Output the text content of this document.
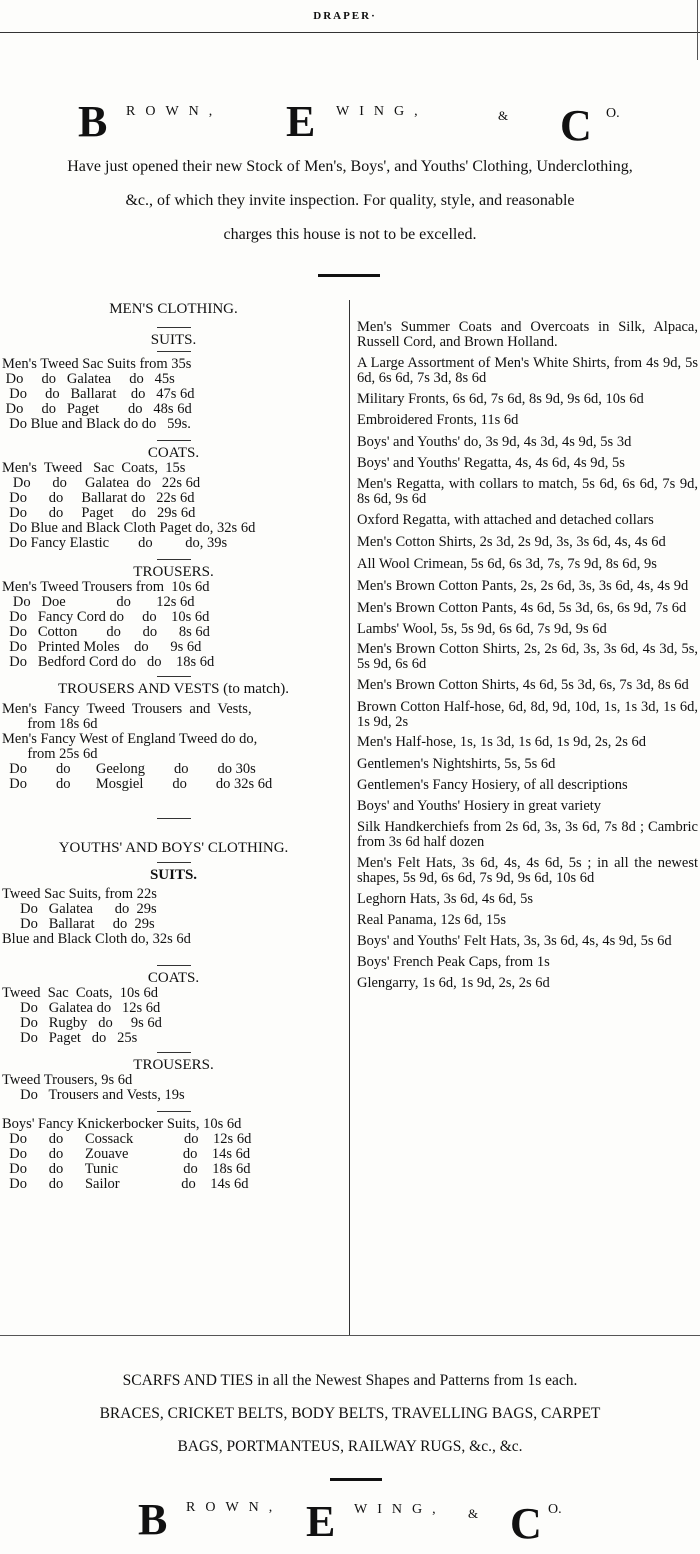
DRAPER·
B ROWN, E WING,	& C O.

Have just opened their new Stock of Men's, Boys', and Youths' Clothing, Underclothing,

&c., of which they invite inspection. For quality, style, and reasonable

charges this house is not to be excelled.

MEN'S CLOTHING.

SUITS.

Men's Tweed Sac Suits from 35s

Do     do   Galatea     do   45s

Do     do   Ballarat    do   47s 6d

Do     do   Paget        do   48s 6d

Do Blue and Black do do   59s.

COATS.

Men's  Tweed   Sac  Coats,  15s

Do      do     Galatea  do   22s 6d

Do      do     Ballarat do   22s 6d

Do      do     Paget     do   29s 6d

Do Blue and Black Cloth Paget do, 32s 6d

Do Fancy Elastic        do         do, 39s

TROUSERS.

Men's Tweed Trousers from  10s 6d

Do   Doe              do       12s 6d

Do   Fancy Cord do     do    10s 6d

Do   Cotton        do      do      8s 6d

Do   Printed Moles    do      9s 6d

Do   Bedford Cord do   do    18s 6d

TROUSERS AND VESTS (to match).

Men's  Fancy  Tweed  Trousers  and  Vests,

from 18s 6d

Men's Fancy West of England Tweed do do,

from 25s 6d

Do        do       Geelong        do        do 30s

Do        do       Mosgiel        do        do 32s 6d

YOUTHS' AND BOYS' CLOTHING.

SUITS.

Tweed Sac Suits, from 22s

Do   Galatea      do  29s

Do   Ballarat     do  29s

Blue and Black Cloth do, 32s 6d

COATS.

Tweed  Sac  Coats,  10s 6d

Do   Galatea do   12s 6d

Do   Rugby   do     9s 6d

Do   Paget   do   25s

TROUSERS.

Tweed Trousers, 9s 6d

Do   Trousers and Vests, 19s

Boys' Fancy Knickerbocker Suits, 10s 6d

Do      do      Cossack              do    12s 6d

Do      do      Zouave               do    14s 6d

Do      do      Tunic                  do    18s 6d

Do      do      Sailor                 do    14s 6d

Men's Summer Coats and Overcoats in Silk, Alpaca, Russell Cord, and Brown Holland.

A Large Assortment of Men's White Shirts, from 4s 9d, 5s 6d, 6s 6d, 7s 3d, 8s 6d

Military Fronts, 6s 6d, 7s 6d, 8s 9d, 9s 6d, 10s 6d

Embroidered Fronts, 11s 6d

Boys' and Youths' do, 3s 9d, 4s 3d, 4s 9d, 5s 3d

Boys' and Youths' Regatta, 4s, 4s 6d, 4s 9d, 5s

Men's Regatta, with collars to match, 5s 6d, 6s 6d, 7s 9d, 8s 6d, 9s 6d

Oxford Regatta, with attached and detached collars

Men's Cotton Shirts, 2s 3d, 2s 9d, 3s, 3s 6d, 4s, 4s 6d

All Wool Crimean, 5s 6d, 6s 3d, 7s, 7s 9d, 8s 6d, 9s

Men's Brown Cotton Pants, 2s, 2s 6d, 3s, 3s 6d, 4s, 4s 9d

Men's Brown Cotton Pants, 4s 6d, 5s 3d, 6s, 6s 9d, 7s 6d

Lambs' Wool, 5s, 5s 9d, 6s 6d, 7s 9d, 9s 6d

Men's Brown Cotton Shirts, 2s, 2s 6d, 3s, 3s 6d, 4s 3d, 5s, 5s 9d, 6s 6d

Men's Brown Cotton Shirts, 4s 6d, 5s 3d, 6s, 7s 3d, 8s 6d

Brown Cotton Half-hose, 6d, 8d, 9d, 10d, 1s, 1s 3d, 1s 6d, 1s 9d, 2s

Men's Half-hose, 1s, 1s 3d, 1s 6d, 1s 9d, 2s, 2s 6d

Gentlemen's Nightshirts, 5s, 5s 6d

Gentlemen's Fancy Hosiery, of all descriptions

Boys' and Youths' Hosiery in great variety

Silk Handkerchiefs from 2s 6d, 3s, 3s 6d, 7s 8d ; Cambric from 3s 6d half dozen

Men's Felt Hats, 3s 6d, 4s, 4s 6d, 5s ; in all the newest shapes, 5s 9d, 6s 6d, 7s 9d, 9s 6d, 10s 6d

Leghorn Hats, 3s 6d, 4s 6d, 5s

Real Panama, 12s 6d, 15s

Boys' and Youths' Felt Hats, 3s, 3s 6d, 4s, 4s 9d, 5s 6d

Boys' French Peak Caps, from 1s

Glengarry, 1s 6d, 1s 9d, 2s, 2s 6d

SCARFS AND TIES in all the Newest Shapes and Patterns from 1s each.

BRACES, CRICKET BELTS, BODY BELTS, TRAVELLING BAGS, CARPET

BAGS, PORTMANTEUS, RAILWAY RUGS, &c., &c.

B ROWN, E WING, & C O.
